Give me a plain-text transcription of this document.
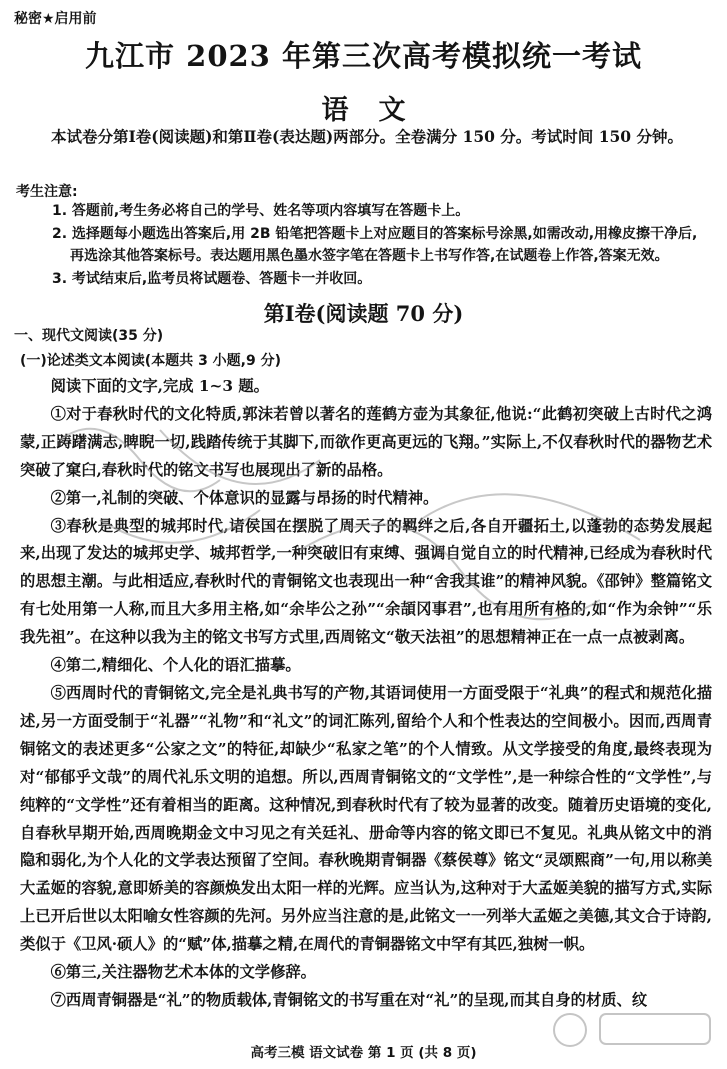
秘密★启用前
九江市 2023 年第三次高考模拟统一考试
语文
本试卷分第Ⅰ卷(阅读题)和第Ⅱ卷(表达题)两部分。全卷满分 150 分。考试时间 150 分钟。
考生注意:
1. 答题前,考生务必将自己的学号、姓名等项内容填写在答题卡上。
2. 选择题每小题选出答案后,用 2B 铅笔把答题卡上对应题目的答案标号涂黑,如需改动,用橡皮擦干净后,再选涂其他答案标号。表达题用黑色墨水签字笔在答题卡上书写作答,在试题卷上作答,答案无效。
3. 考试结束后,监考员将试题卷、答题卡一并收回。
第Ⅰ卷(阅读题 70 分)
一、现代文阅读(35 分)
(一)论述类文本阅读(本题共 3 小题,9 分)

阅读下面的文字,完成 1~3 题。

①对于春秋时代的文化特质,郭沫若曾以著名的莲鹤方壶为其象征,他说:“此鹤初突破上古时代之鸿蒙,正踌躇满志,睥睨一切,践踏传统于其脚下,而欲作更高更远的飞翔。”实际上,不仅春秋时代的器物艺术突破了窠臼,春秋时代的铭文书写也展现出了新的品格。

②第一,礼制的突破、个体意识的显露与昂扬的时代精神。

③春秋是典型的城邦时代,诸侯国在摆脱了周天子的羁绊之后,各自开疆拓土,以蓬勃的态势发展起来,出现了发达的城邦史学、城邦哲学,一种突破旧有束缚、强调自觉自立的时代精神,已经成为春秋时代的思想主潮。与此相适应,春秋时代的青铜铭文也表现出一种“舍我其谁”的精神风貌。《邵钟》整篇铭文有七处用第一人称,而且大多用主格,如“余毕公之孙”“余頡冈事君”,也有用所有格的,如“作为余钟”“乐我先祖”。在这种以我为主的铭文书写方式里,西周铭文“敬天法祖”的思想精神正在一点一点被剥离。

④第二,精细化、个人化的语汇描摹。

⑤西周时代的青铜铭文,完全是礼典书写的产物,其语词使用一方面受限于“礼典”的程式和规范化描述,另一方面受制于“礼器”“礼物”和“礼文”的词汇陈列,留给个人和个性表达的空间极小。因而,西周青铜铭文的表述更多“公家之文”的特征,却缺少“私家之笔”的个人情致。从文学接受的角度,最终表现为对“郁郁乎文哉”的周代礼乐文明的追想。所以,西周青铜铭文的“文学性”,是一种综合性的“文学性”,与纯粹的“文学性”还有着相当的距离。这种情况,到春秋时代有了较为显著的改变。随着历史语境的变化,自春秋早期开始,西周晚期金文中习见之有关廷礼、册命等内容的铭文即已不复见。礼典从铭文中的消隐和弱化,为个人化的文学表达预留了空间。春秋晚期青铜器《蔡侯尊》铭文“灵颂熙商”一句,用以称美大孟姬的容貌,意即娇美的容颜焕发出太阳一样的光辉。应当认为,这种对于大孟姬美貌的描写方式,实际上已开后世以太阳喻女性容颜的先河。另外应当注意的是,此铭文一一列举大孟姬之美德,其文合于诗韵,类似于《卫风·硕人》的“赋”体,描摹之精,在周代的青铜器铭文中罕有其匹,独树一帜。

⑥第三,关注器物艺术本体的文学修辞。

⑦西周青铜器是“礼”的物质载体,青铜铭文的书写重在对“礼”的呈现,而其自身的材质、纹

高考三模 语文试卷 第 1 页 (共 8 页)
